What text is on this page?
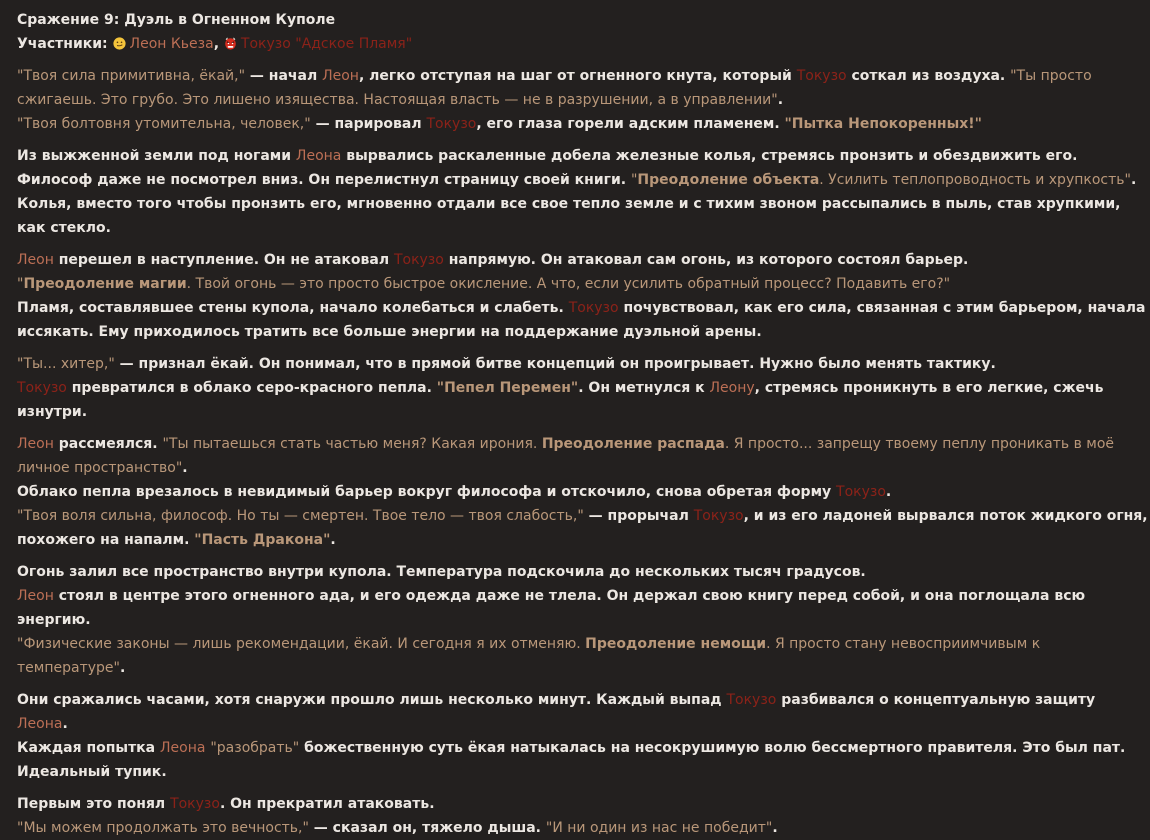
Сражение 9: Дуэль в Огненном Куполе
Участники: Леон Кьеза, Токузо "Адское Пламя"
"Твоя сила примитивна, ёкай," — начал Леон, легко отступая на шаг от огненного кнута, который Токузо соткал из воздуха. "Ты просто сжигаешь. Это грубо. Это лишено изящества. Настоящая власть — не в разрушении, а в управлении".
"Твоя болтовня утомительна, человек," — парировал Токузо, его глаза горели адским пламенем. "Пытка Непокоренных!"
Из выжженной земли под ногами Леона вырвались раскаленные добела железные колья, стремясь пронзить и обездвижить его.
Философ даже не посмотрел вниз. Он перелистнул страницу своей книги. "Преодоление объекта. Усилить теплопроводность и хрупкость".
Колья, вместо того чтобы пронзить его, мгновенно отдали все свое тепло земле и с тихим звоном рассыпались в пыль, став хрупкими, как стекло.
Леон перешел в наступление. Он не атаковал Токузо напрямую. Он атаковал сам огонь, из которого состоял барьер.
"Преодоление магии. Твой огонь — это просто быстрое окисление. А что, если усилить обратный процесс? Подавить его?"
Пламя, составлявшее стены купола, начало колебаться и слабеть. Токузо почувствовал, как его сила, связанная с этим барьером, начала иссякать. Ему приходилось тратить все больше энергии на поддержание дуэльной арены.
"Ты... хитер," — признал ёкай. Он понимал, что в прямой битве концепций он проигрывает. Нужно было менять тактику.
Токузо превратился в облако серо-красного пепла. "Пепел Перемен". Он метнулся к Леону, стремясь проникнуть в его легкие, сжечь изнутри.
Леон рассмеялся. "Ты пытаешься стать частью меня? Какая ирония. Преодоление распада. Я просто... запрещу твоему пеплу проникать в моё личное пространство".
Облако пепла врезалось в невидимый барьер вокруг философа и отскочило, снова обретая форму Токузо.
"Твоя воля сильна, философ. Но ты — смертен. Твое тело — твоя слабость," — прорычал Токузо, и из его ладоней вырвался поток жидкого огня, похожего на напалм. "Пасть Дракона".
Огонь залил все пространство внутри купола. Температура подскочила до нескольких тысяч градусов.
Леон стоял в центре этого огненного ада, и его одежда даже не тлела. Он держал свою книгу перед собой, и она поглощала всю энергию.
"Физические законы — лишь рекомендации, ёкай. И сегодня я их отменяю. Преодоление немощи. Я просто стану невосприимчивым к температуре".
Они сражались часами, хотя снаружи прошло лишь несколько минут. Каждый выпад Токузо разбивался о концептуальную защиту Леона.
Каждая попытка Леона "разобрать" божественную суть ёкая натыкалась на несокрушимую волю бессмертного правителя. Это был пат. Идеальный тупик.
Первым это понял Токузо. Он прекратил атаковать.
"Мы можем продолжать это вечность," — сказал он, тяжело дыша. "И ни один из нас не победит".
